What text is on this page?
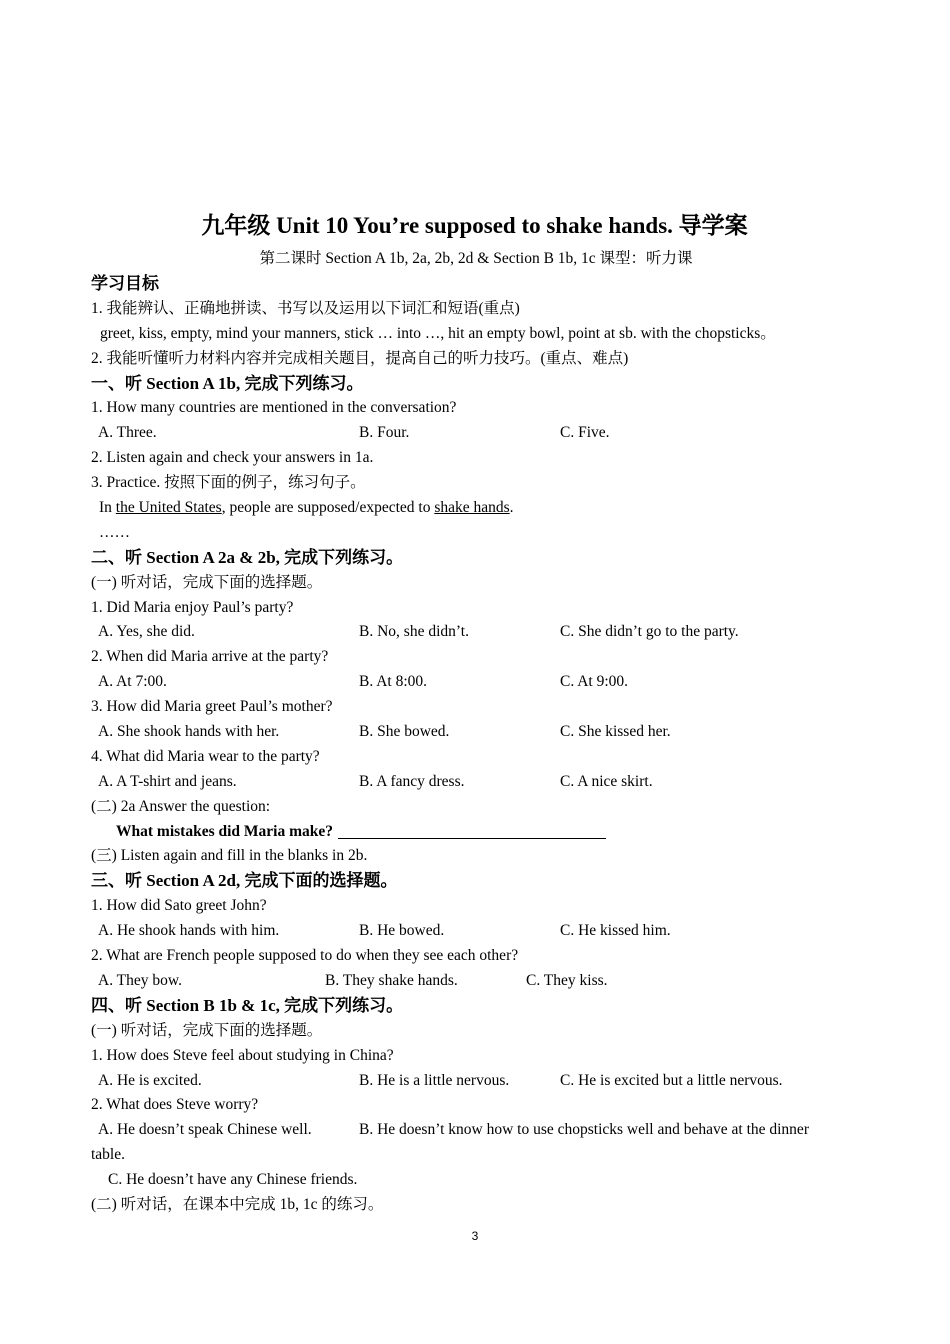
九年级 Unit 10 You’re supposed to shake hands. 导学案
第二课时 Section A 1b, 2a, 2b, 2d & Section B 1b, 1c 课型：听力课
学习目标
1. 我能辨认、正确地拼读、书写以及运用以下词汇和短语(重点)
greet, kiss, empty, mind your manners, stick … into …, hit an empty bowl, point at sb. with the chopsticks。
2. 我能听懂听力材料内容并完成相关题目，提高自己的听力技巧。(重点、难点)
一、听 Section A 1b, 完成下列练习。
1. How many countries are mentioned in the conversation?
A. Three.	B. Four.	C. Five.
2. Listen again and check your answers in 1a.
3. Practice. 按照下面的例子，练习句子。
In the United States, people are supposed/expected to shake hands.
……
二、听 Section A 2a & 2b, 完成下列练习。
(一) 听对话，完成下面的选择题。
1. Did Maria enjoy Paul’s party?
A. Yes, she did.	B. No, she didn’t.	C. She didn’t go to the party.
2. When did Maria arrive at the party?
A. At 7:00.	B. At 8:00.	C. At 9:00.
3. How did Maria greet Paul’s mother?
A. She shook hands with her.	B. She bowed.	C. She kissed her.
4. What did Maria wear to the party?
A. A T-shirt and jeans.	B. A fancy dress.	C. A nice skirt.
(二) 2a Answer the question:
What mistakes did Maria make?
(三) Listen again and fill in the blanks in 2b.
三、听 Section A 2d, 完成下面的选择题。
1. How did Sato greet John?
A. He shook hands with him.	B. He bowed.	C. He kissed him.
2. What are French people supposed to do when they see each other?
A. They bow.	B. They shake hands.	C. They kiss.
四、听 Section B 1b & 1c, 完成下列练习。
(一) 听对话，完成下面的选择题。
1. How does Steve feel about studying in China?
A. He is excited.	B. He is a little nervous.	C. He is excited but a little nervous.
2. What does Steve worry?
A. He doesn’t speak Chinese well.	B. He doesn’t know how to use chopsticks well and behave at the dinner
table.
C. He doesn’t have any Chinese friends.
(二) 听对话，在课本中完成 1b, 1c 的练习。
3
